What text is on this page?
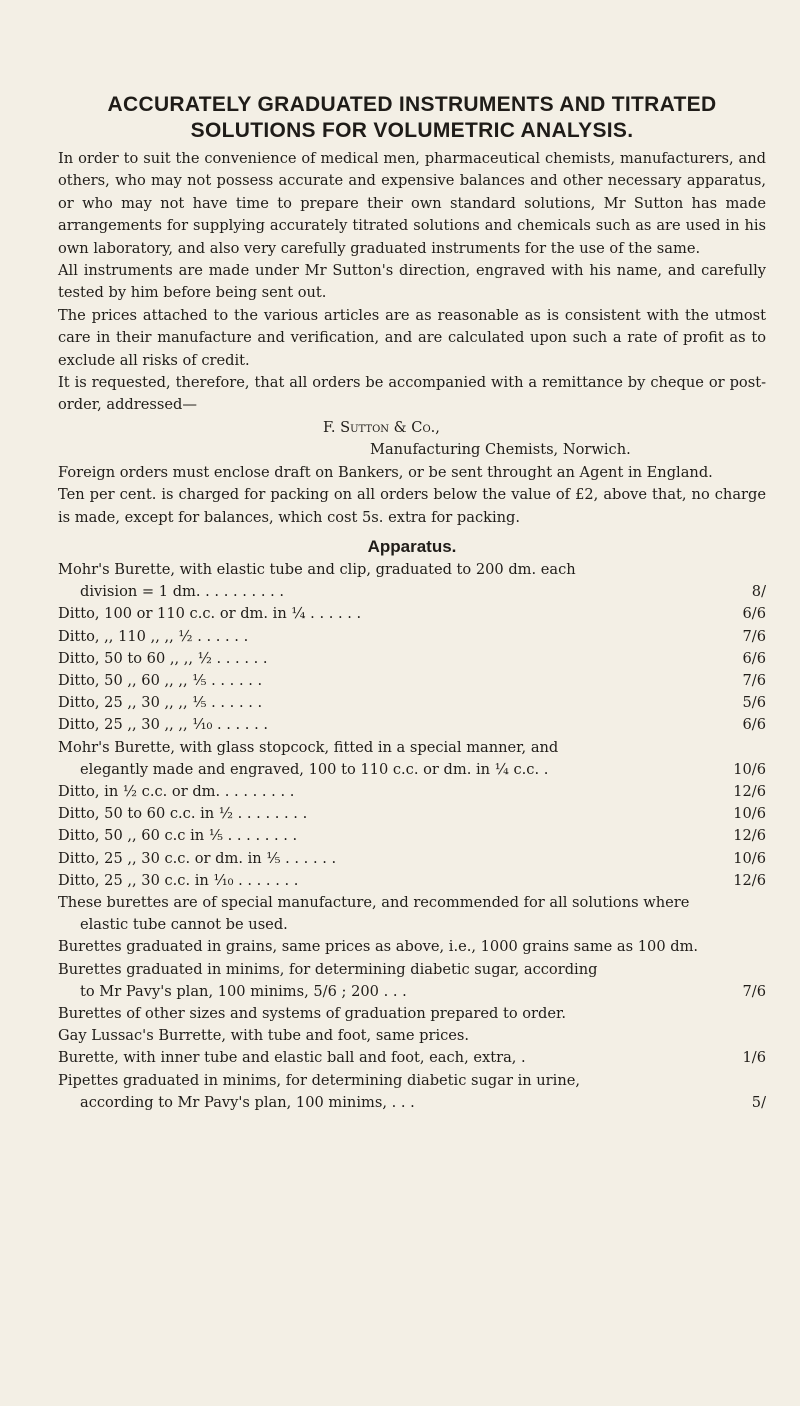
ACCURATELY GRADUATED INSTRUMENTS AND TITRATED
SOLUTIONS FOR VOLUMETRIC ANALYSIS.

In order to suit the convenience of medical men, pharmaceutical chemists, manufacturers, and others, who may not possess accurate and expensive balances and other necessary apparatus, or who may not have time to prepare their own standard solutions, Mr Sutton has made arrangements for supplying accurately titrated solutions and chemicals such as are used in his own laboratory, and also very carefully graduated instruments for the use of the same.

All instruments are made under Mr Sutton's direction, engraved with his name, and carefully tested by him before being sent out.

The prices attached to the various articles are as reasonable as is consistent with the utmost care in their manufacture and verification, and are calculated upon such a rate of profit as to exclude all risks of credit.

It is requested, therefore, that all orders be accompanied with a remittance by cheque or post-order, addressed—

F. Sutton & Co.,
Manufacturing Chemists, Norwich.

Foreign orders must enclose draft on Bankers, or be sent throught an Agent in England.

Ten per cent. is charged for packing on all orders below the value of £2, above that, no charge is made, except for balances, which cost 5s. extra for packing.

Apparatus.
Mohr's Burette, with elastic tube and clip, graduated to 200 dm. each
division = 1 dm. . . . . . . . . .	8/
Ditto, 100 or 110 c.c. or dm. in ¼ . . . . . .	6/6
Ditto, ,, 110 ,, ,, ½ . . . . . .	7/6
Ditto, 50 to 60 ,, ,, ½ . . . . . .	6/6
Ditto, 50 ,, 60 ,, ,, ⅕ . . . . . .	7/6
Ditto, 25 ,, 30 ,, ,, ⅕ . . . . . .	5/6
Ditto, 25 ,, 30 ,, ,, ⅒ . . . . . .	6/6
Mohr's Burette, with glass stopcock, fitted in a special manner, and
elegantly made and engraved, 100 to 110 c.c. or dm. in ¼ c.c. .	10/6
Ditto, in ½ c.c. or dm. . . . . . . . .	12/6
Ditto, 50 to 60 c.c. in ½ . . . . . . . .	10/6
Ditto, 50 ,, 60 c.c in ⅕ . . . . . . . .	12/6
Ditto, 25 ,, 30 c.c. or dm. in ⅕ . . . . . .	10/6
Ditto, 25 ,, 30 c.c. in ⅒ . . . . . . .	12/6
These burettes are of special manufacture, and recommended for all solutions where elastic tube cannot be used.
Burettes graduated in grains, same prices as above, i.e., 1000 grains same as 100 dm.
Burettes graduated in minims, for determining diabetic sugar, according
to Mr Pavy's plan, 100 minims, 5/6 ; 200 . . .	7/6
Burettes of other sizes and systems of graduation prepared to order.
Gay Lussac's Burrette, with tube and foot, same prices.
Burette, with inner tube and elastic ball and foot, each, extra, .	1/6
Pipettes graduated in minims, for determining diabetic sugar in urine,
according to Mr Pavy's plan, 100 minims, . . .	5/
